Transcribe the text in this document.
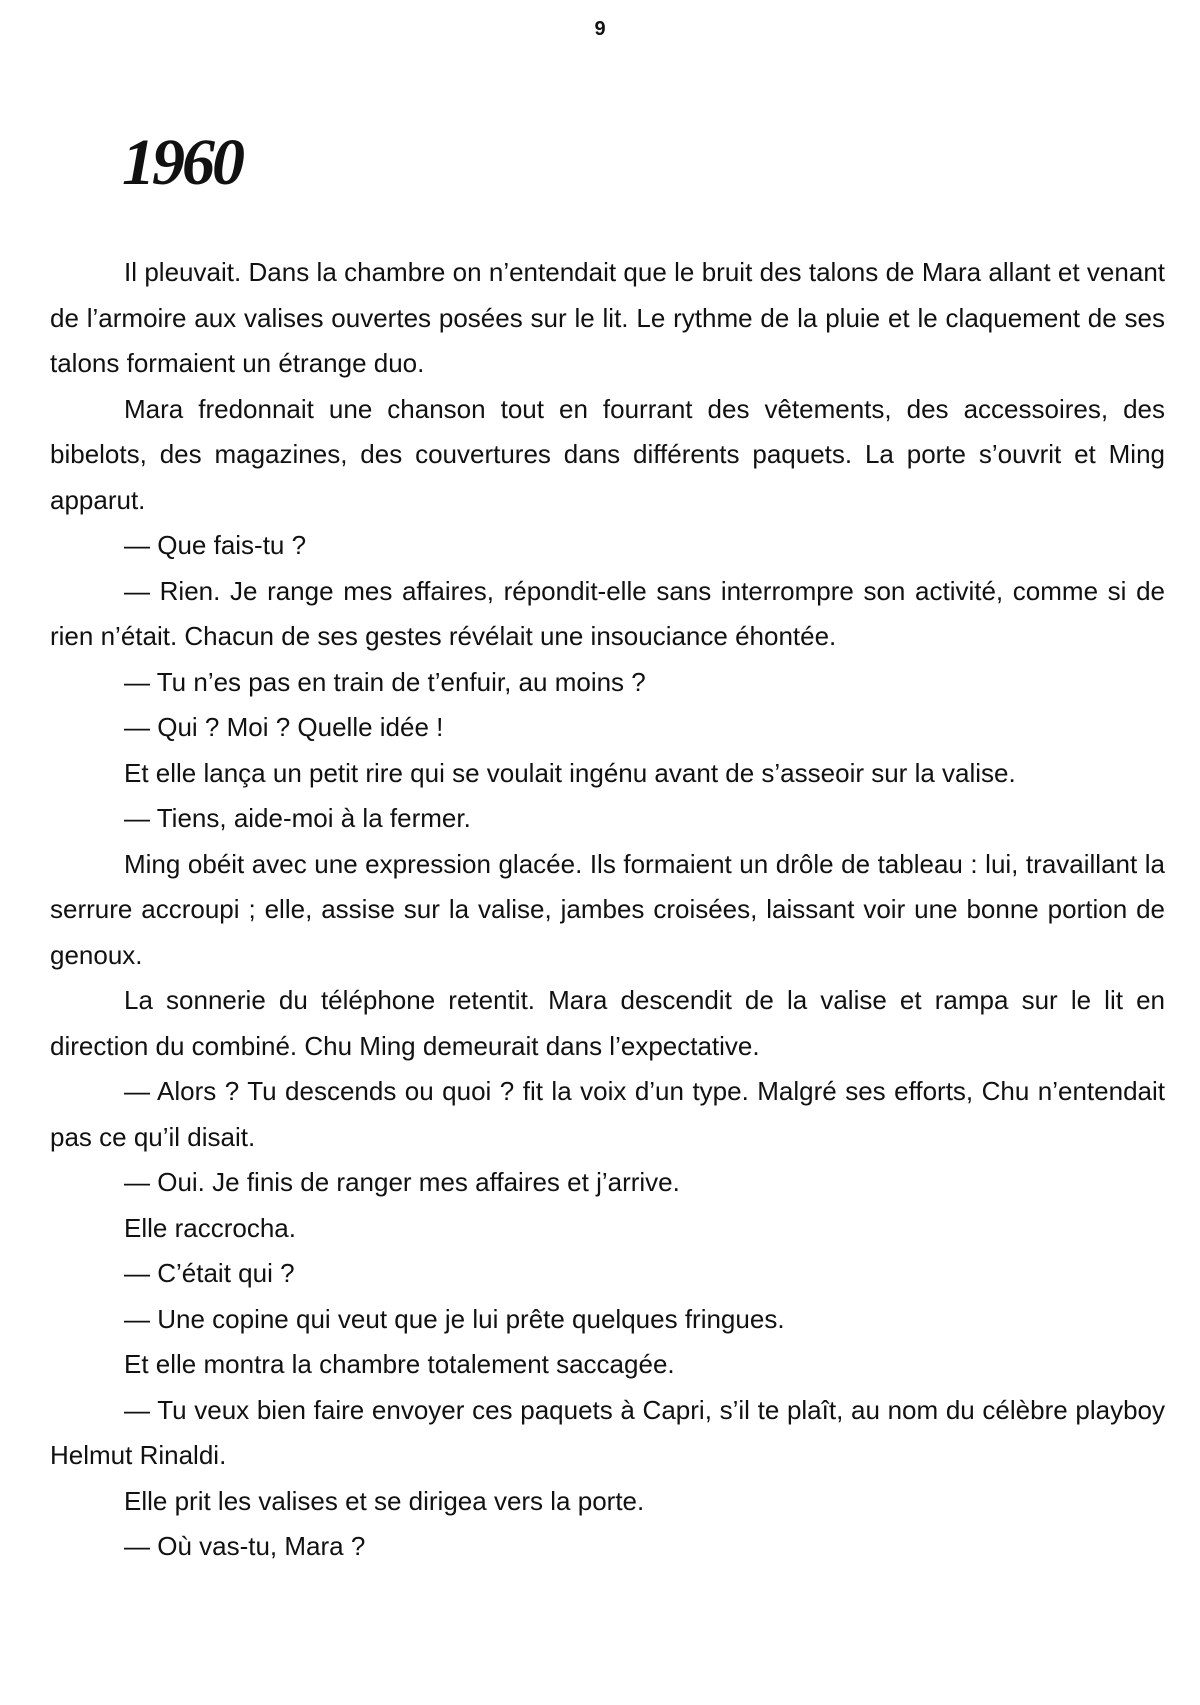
9
1960

Il pleuvait. Dans la chambre on n’entendait que le bruit des talons de Mara allant et venant de l’armoire aux valises ouvertes posées sur le lit. Le rythme de la pluie et le claquement de ses talons formaient un étrange duo.

Mara fredonnait une chanson tout en fourrant des vêtements, des accessoires, des bibelots, des magazines, des couvertures dans différents paquets. La porte s’ouvrit et Ming apparut.

— Que fais-tu ?

— Rien. Je range mes affaires, répondit-elle sans interrompre son activité, comme si de rien n’était. Chacun de ses gestes révélait une insouciance éhontée.

— Tu n’es pas en train de t’enfuir, au moins ?

— Qui ? Moi ? Quelle idée !

Et elle lança un petit rire qui se voulait ingénu avant de s’asseoir sur la valise.

— Tiens, aide-moi à la fermer.

Ming obéit avec une expression glacée. Ils formaient un drôle de tableau : lui, travaillant la serrure accroupi ; elle, assise sur la valise, jambes croisées, laissant voir une bonne portion de genoux.

La sonnerie du téléphone retentit. Mara descendit de la valise et rampa sur le lit en direction du combiné. Chu Ming demeurait dans l’expectative.

— Alors ? Tu descends ou quoi ? fit la voix d’un type. Malgré ses efforts, Chu n’entendait pas ce qu’il disait.

— Oui. Je finis de ranger mes affaires et j’arrive.

Elle raccrocha.

— C’était qui ?

— Une copine qui veut que je lui prête quelques fringues.

Et elle montra la chambre totalement saccagée.

— Tu veux bien faire envoyer ces paquets à Capri, s’il te plaît, au nom du célèbre playboy Helmut Rinaldi.

Elle prit les valises et se dirigea vers la porte.

— Où vas-tu, Mara ?
